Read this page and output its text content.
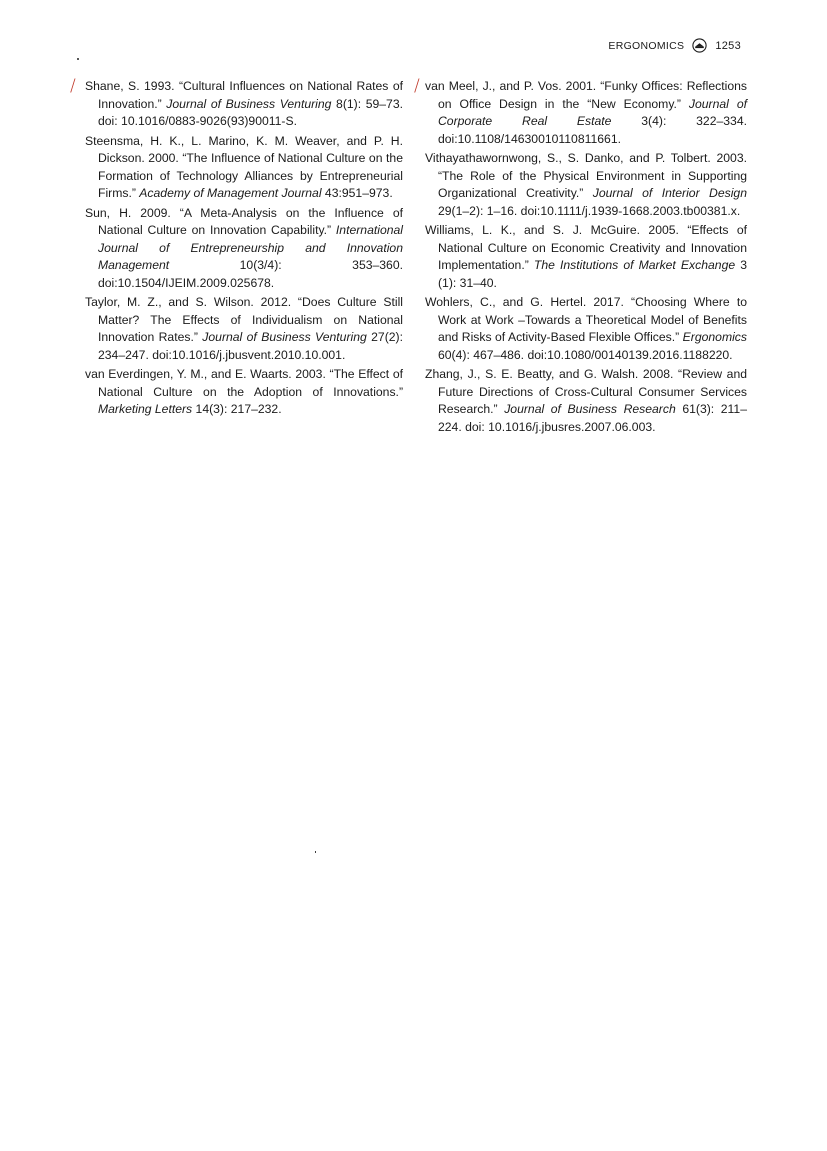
ERGONOMICS	1253
/	/

Shane, S. 1993. “Cultural Influences on National Rates of Innovation.” Journal of Business Venturing 8(1): 59–73. doi: 10.1016/0883-9026(93)90011-S.

Steensma, H. K., L. Marino, K. M. Weaver, and P. H. Dickson. 2000. “The Influence of National Culture on the Formation of Technology Alliances by Entrepreneurial Firms.” Academy of Management Journal 43:951–973.

Sun, H. 2009. “A Meta-Analysis on the Influence of National Culture on Innovation Capability.” International Journal of Entrepreneurship and Innovation Management 10(3/4): 353–360. doi:10.1504/IJEIM.2009.025678.

Taylor, M. Z., and S. Wilson. 2012. “Does Culture Still Matter? The Effects of Individualism on National Innovation Rates.” Journal of Business Venturing 27(2): 234–247. doi:10.1016/j.jbusvent.2010.10.001.

van Everdingen, Y. M., and E. Waarts. 2003. “The Effect of National Culture on the Adoption of Innovations.” Marketing Letters 14(3): 217–232.

van Meel, J., and P. Vos. 2001. “Funky Offices: Reflections on Office Design in the “New Economy.” Journal of Corporate Real Estate 3(4): 322–334. doi:10.1108/14630010110811661.

Vithayathawornwong, S., S. Danko, and P. Tolbert. 2003. “The Role of the Physical Environment in Supporting Organizational Creativity.” Journal of Interior Design 29(1–2): 1–16. doi:10.1111/j.1939-1668.2003.tb00381.x.

Williams, L. K., and S. J. McGuire. 2005. “Effects of National Culture on Economic Creativity and Innovation Implementation.” The Institutions of Market Exchange 3 (1): 31–40.

Wohlers, C., and G. Hertel. 2017. “Choosing Where to Work at Work –Towards a Theoretical Model of Benefits and Risks of Activity-Based Flexible Offices.” Ergonomics 60(4): 467–486. doi:10.1080/00140139.2016.1188220.

Zhang, J., S. E. Beatty, and G. Walsh. 2008. “Review and Future Directions of Cross-Cultural Consumer Services Research.” Journal of Business Research 61(3): 211–224. doi: 10.1016/j.jbusres.2007.06.003.
